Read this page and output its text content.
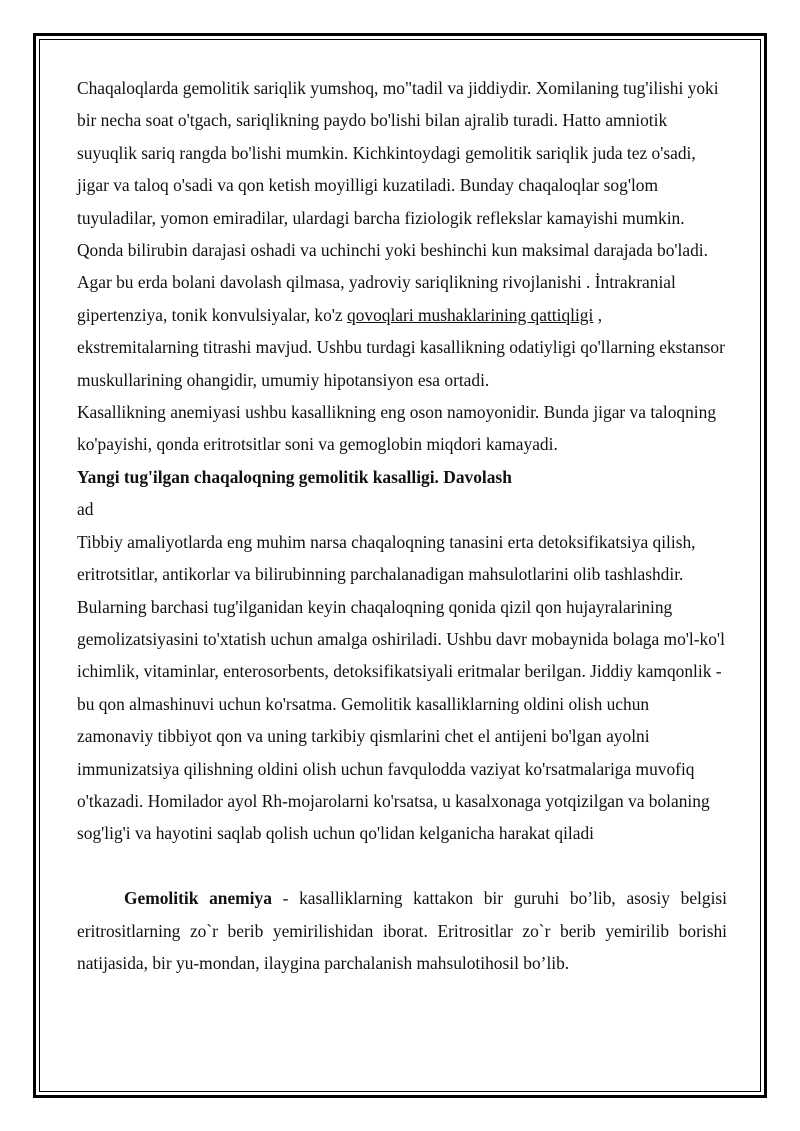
Chaqaloqlarda gemolitik sariqlik yumshoq, mo"tadil va jiddiydir. Xomilaning tug'ilishi yoki bir necha soat o'tgach, sariqlikning paydo bo'lishi bilan ajralib turadi. Hatto amniotik suyuqlik sariq rangda bo'lishi mumkin. Kichkintoydagi gemolitik sariqlik juda tez o'sadi, jigar va taloq o'sadi va qon ketish moyilligi kuzatiladi. Bunday chaqaloqlar sog'lom tuyuladilar, yomon emiradilar, ulardagi barcha fiziologik reflekslar kamayishi mumkin. Qonda bilirubin darajasi oshadi va uchinchi yoki beshinchi kun maksimal darajada bo'ladi. Agar bu erda bolani davolash qilmasa, yadroviy sariqlikning rivojlanishi . İntrakranial gipertenziya, tonik konvulsiyalar, ko'z qovoqlari mushaklarining qattiqligi , ekstremitalarning titrashi mavjud. Ushbu turdagi kasallikning odatiyligi qo'llarning ekstansor muskullarining ohangidir, umumiy hipotansiyon esa ortadi.

Kasallikning anemiyasi ushbu kasallikning eng oson namoyonidir. Bunda jigar va taloqning ko'payishi, qonda eritrotsitlar soni va gemoglobin miqdori kamayadi.

Yangi tug'ilgan chaqaloqning gemolitik kasalligi. Davolash

ad

Tibbiy amaliyotlarda eng muhim narsa chaqaloqning tanasini erta detoksifikatsiya qilish, eritrotsitlar, antikorlar va bilirubinning parchalanadigan mahsulotlarini olib tashlashdir. Bularning barchasi tug'ilganidan keyin chaqaloqning qonida qizil qon hujayralarining gemolizatsiyasini to'xtatish uchun amalga oshiriladi. Ushbu davr mobaynida bolaga mo'l-ko'l ichimlik, vitaminlar, enterosorbents, detoksifikatsiyali eritmalar berilgan. Jiddiy kamqonlik - bu qon almashinuvi uchun ko'rsatma. Gemolitik kasalliklarning oldini olish uchun zamonaviy tibbiyot qon va uning tarkibiy qismlarini chet el antijeni bo'lgan ayolni immunizatsiya qilishning oldini olish uchun favqulodda vaziyat ko'rsatmalariga muvofiq o'tkazadi. Homilador ayol Rh-mojarolarni ko'rsatsa, u kasalxonaga yotqizilgan va bolaning sog'lig'i va hayotini saqlab qolish uchun qo'lidan kelganicha harakat qiladi

Gemolitik anemiya - kasalliklarning kattakon bir guruhi bo’lib, asosiy belgisi eritrositlarning zo`r berib yemirilishidan iborat. Eritrositlar zo`r berib yemirilib borishi natijasida, bir yu-mondan, ilaygina parchalanish mahsulotihosil bo’lib.
